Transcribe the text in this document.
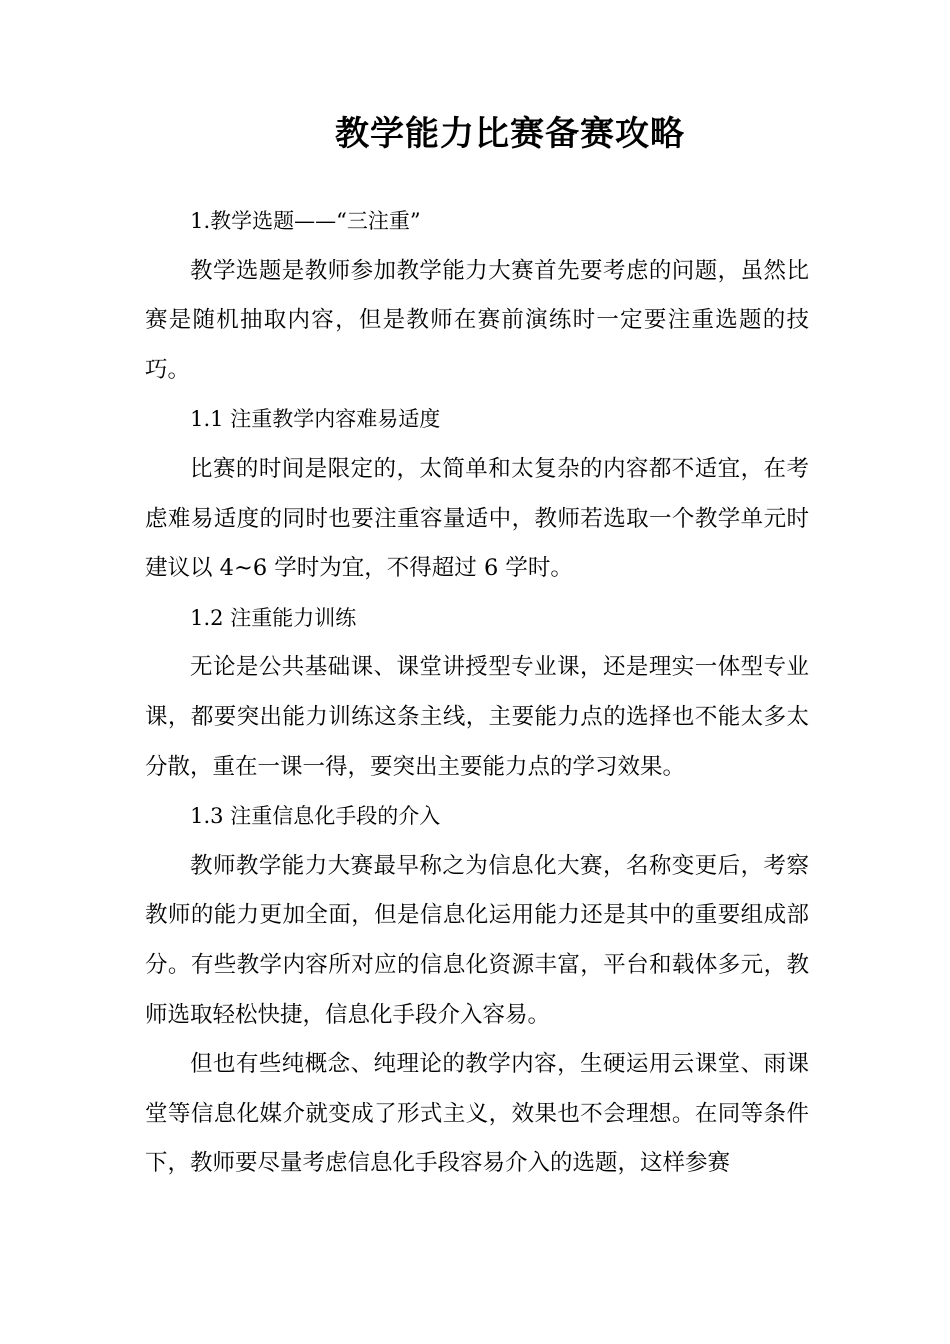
教学能力比赛备赛攻略

1.教学选题——“三注重”

教学选题是教师参加教学能力大赛首先要考虑的问题，虽然比赛是随机抽取内容，但是教师在赛前演练时一定要注重选题的技巧。

1.1 注重教学内容难易适度

比赛的时间是限定的，太简单和太复杂的内容都不适宜，在考虑难易适度的同时也要注重容量适中，教师若选取一个教学单元时建议以 4~6 学时为宜，不得超过 6 学时。

1.2 注重能力训练

无论是公共基础课、课堂讲授型专业课，还是理实一体型专业课，都要突出能力训练这条主线，主要能力点的选择也不能太多太分散，重在一课一得，要突出主要能力点的学习效果。

1.3 注重信息化手段的介入

教师教学能力大赛最早称之为信息化大赛，名称变更后，考察教师的能力更加全面，但是信息化运用能力还是其中的重要组成部分。有些教学内容所对应的信息化资源丰富，平台和载体多元，教师选取轻松快捷，信息化手段介入容易。

但也有些纯概念、纯理论的教学内容，生硬运用云课堂、雨课堂等信息化媒介就变成了形式主义，效果也不会理想。在同等条件下，教师要尽量考虑信息化手段容易介入的选题，这样参赛
